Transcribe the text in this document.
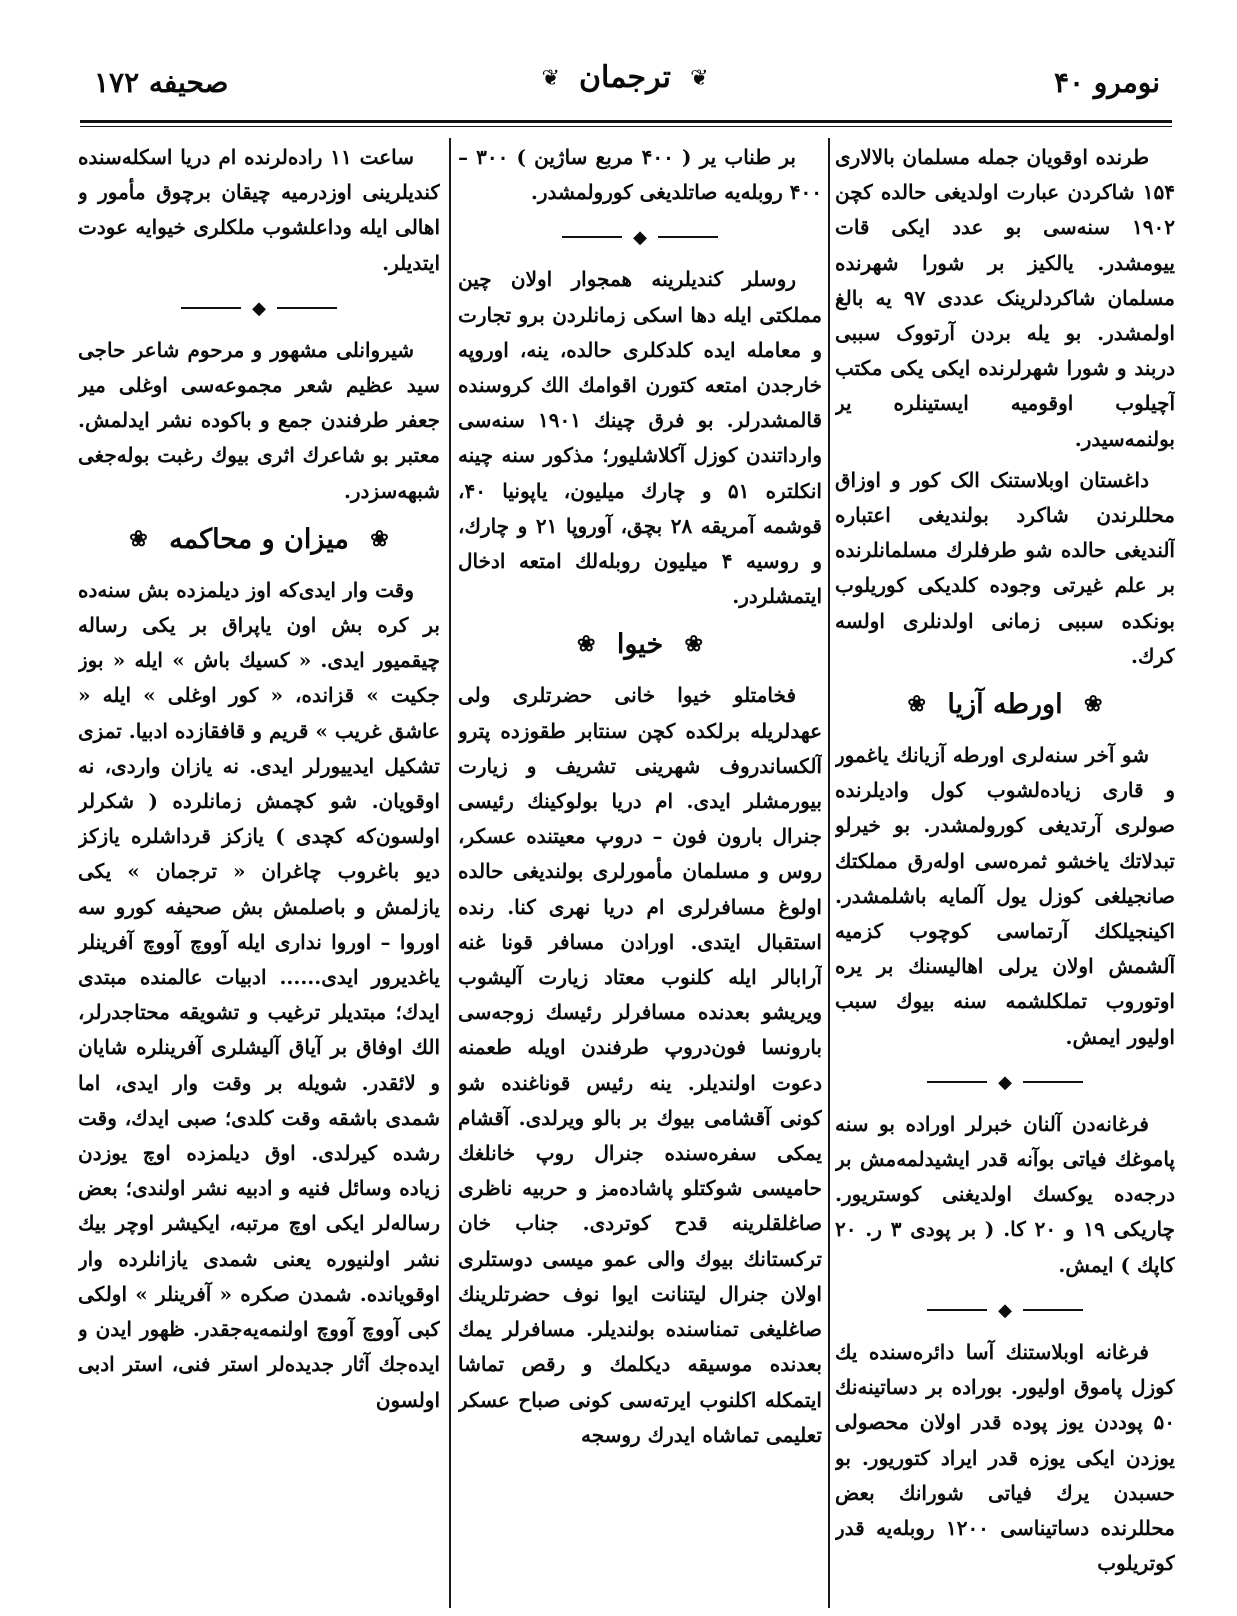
صحیفه ۱۷۲	❦ ترجمان ❦	نومرو ۴۰

طرنده اوقویان جمله مسلمان بالالاری ۱۵۴ شاکردن عبارت اولدیغی حالده کچن ۱۹۰۲ سنه‌سی بو عدد ایکی قات ییومشدر. یالکیز بر شورا شهرنده مسلمان شاکردلرینک عددی ۹۷ یه بالغ اولمشدر. بو یله بردن آرتووک سببی دربند و شورا شهرلرنده ایکی یکی مکتب آچیلوب اوقومیه ایستینلره یر بولنمه‌سیدر.

داغستان اوبلاستنک الک کور و اوزاق محللرندن شاکرد بولندیغی اعتباره آلندیغی حالده شو طرفلرك مسلمانلرنده بر علم غیرتی وجوده کلدیکی کوریلوب بونکده سببی زمانی اولدنلری اولسه کرك.

❀ اورطه آزیا ❀

شو آخر سنه‌لری اورطه آزیانك یاغمور و قاری زیاده‌لشوب کول وادیلرنده صولری آرتدیغی کورولمشدر. بو خیرلو تبدلاتك یاخشو ثمره‌سی اوله‌رق مملکتك صانجیلغی کوزل یول آلمایه باشلمشدر. اکینجیلکك آرتماسی کوچوب کزمیه آلشمش اولان یرلی اهالیسنك بر یره اوتوروب تملکلشمه سنه بیوك سبب اولیور ایمش.

◆

فرغانه‌دن آلنان خبرلر اوراده بو سنه پاموغك فیاتی بوآنه قدر ایشیدلمه‌مش بر درجه‌ده یوکسك اولدیغنی کوستریور. چاریکی ۱۹ و ۲۰ کا. ( بر پودی ۳ ر. ۲۰ کاپك ) ایمش.

◆

فرغانه اوبلاستنك آسا دائره‌سنده یك کوزل پاموق اولیور. بوراده بر دساتینه‌نك ۵۰ پوددن یوز پوده قدر اولان محصولی یوزدن ایکی یوزه قدر ایراد کتوریور. بو حسبدن یرك فیاتی شورانك بعض محللرنده دساتیناسی ۱۲۰۰ روبله‌یه قدر کوتریلوب

بر طناب یر ( ۴۰۰ مربع ساژین ) ۳۰۰ – ۴۰۰ روبله‌یه صاتلدیغی کورولمشدر.

◆

روسلر کندیلرینه همجوار اولان چین مملکتی ایله دها اسکی زمانلردن برو تجارت و معامله ایده کلدکلری حالده، ینه، اوروپه خارجدن امتعه کتورن اقوامك الك کروسنده قالمشدرلر. بو فرق چینك ۱۹۰۱ سنه‌سی وارداتندن کوزل آکلاشلیور؛ مذکور سنه چینه انکلتره ۵۱ و چارك میلیون، یاپونیا ۴۰، قوشمه آمریقه ۲۸ بچق، آوروپا ۲۱ و چارك، و روسیه ۴ میلیون روبله‌لك امتعه ادخال ایتمشلردر.

❀ خیوا ❀

فخامتلو خیوا خانی حضرتلری ولی عهدلریله برلکده کچن سنتابر طقوزده پترو آلکساندروف شهرینی تشریف و زیارت بیورمشلر ایدی. ام دریا بولوکینك رئیسی جنرال بارون فون – دروپ معیتنده عسکر، روس و مسلمان مأمورلری بولندیغی حالده اولوغ مسافرلری ام دریا نهری کنا. رنده استقبال ایتدی. اورادن مسافر قونا غنه آرابالر ایله کلنوب معتاد زیارت آلیشوب ویریشو بعدنده مسافرلر رئیسك زوجه‌سی بارونسا فون‌دروپ طرفندن اویله طعمنه دعوت اولندیلر. ینه رئیس قوناغنده شو کونی آقشامی بیوك بر بالو ویرلدی. آقشام یمکی سفره‌سنده جنرال روپ خانلغك حامیسی شوکتلو پاشاده‌مز و حربیه ناظری صاغلقلرینه قدح کوتردی. جناب خان ترکستانك بیوك والی عمو میسی دوستلری اولان جنرال لیتنانت ایوا نوف حضرتلرینك صاغلیغی تمناسنده بولندیلر. مسافرلر یمك بعدنده موسیقه دیکلمك و رقص تماشا ایتمکله اکلنوب ایرته‌سی کونی صباح عسکر تعلیمی تماشاه ایدرك روسجه

ساعت ۱۱ راده‌لرنده ام دریا اسکله‌سنده کندیلرینی اوزدرمیه چیقان برچوق مأمور و اهالی ایله وداعلشوب ملکلری خیوایه عودت ایتدیلر.

◆

شیروانلی مشهور و مرحوم شاعر حاجی سید عظیم شعر مجموعه‌سی اوغلی میر جعفر طرفندن جمع و باکوده نشر ایدلمش. معتبر بو شاعرك اثری بیوك رغبت بوله‌جغی شبهه‌سزدر.

❀ میزان و محاکمه ❀

وقت وار ایدی‌که اوز دیلمزده بش سنه‌ده بر کره بش اون یاپراق بر یکی رساله چیقمیور ایدی. « کسیك باش » ایله « بوز جکیت » قزانده، « کور اوغلی » ایله « عاشق غریب » قریم و قافقازده ادبیا. تمزی تشکیل ایدییورلر ایدی. نه یازان واردی، نه اوقویان. شو کچمش زمانلرده ( شکرلر اولسون‌که کچدی ) یازکز قرداشلره یازکز دیو باغروب چاغران « ترجمان » یکی یازلمش و باصلمش بش صحیفه کورو سه اوروا – اوروا نداری ایله آووچ آووچ آفرینلر یاغدیرور ایدی...... ادبیات عالمنده مبتدی ایدك؛ مبتدیلر ترغیب و تشویقه محتاجدرلر، الك اوفاق بر آیاق آلیشلری آفرینلره شایان و لائقدر. شویله بر وقت وار ایدی، اما شمدی باشقه وقت کلدی؛ صبی ایدك، وقت رشده کیرلدی. اوق دیلمزده اوچ یوزدن زیاده وسائل فنیه و ادبیه نشر اولندی؛ بعض رساله‌لر ایکی اوچ مرتبه، ایکیشر اوچر بیك نشر اولنیوره یعنی شمدی یازانلرده وار اوقویانده. شمدن صکره « آفرینلر » اولکی کبی آووچ آووچ اولنمه‌یه‌جقدر. ظهور ایدن و ایده‌جك آثار جدیده‌لر استر فنی، استر ادبی اولسون
